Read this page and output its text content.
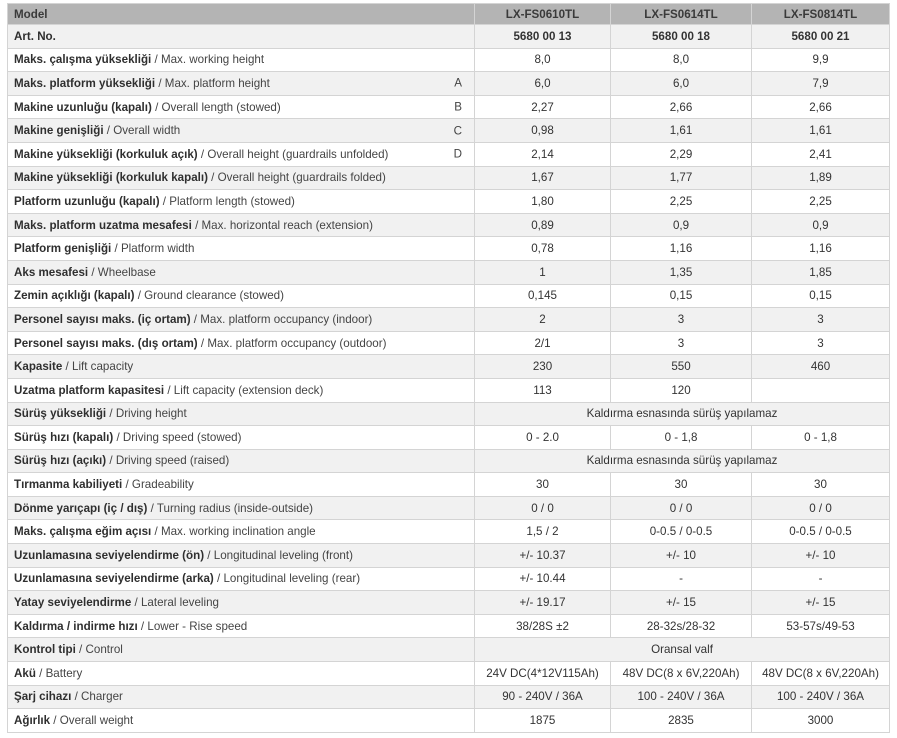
Model	LX-FS0610TL	LX-FS0614TL	LX-FS0814TL
Art. No.	5680 00 13	5680 00 18	5680 00 21
Maks. çalışma yüksekliği / Max. working height	8,0	8,0	9,9
Maks. platform yüksekliği / Max. platform height A	6,0	6,0	7,9
Makine uzunluğu (kapalı) / Overall length (stowed) B	2,27	2,66	2,66
Makine genişliği / Overall width C	0,98	1,61	1,61
Makine yüksekliği (korkuluk açık) / Overall height (guardrails unfolded) D	2,14	2,29	2,41
Makine yüksekliği (korkuluk kapalı) / Overall height (guardrails folded)	1,67	1,77	1,89
Platform uzunluğu (kapalı) / Platform length (stowed)	1,80	2,25	2,25
Maks. platform uzatma mesafesi / Max. horizontal reach (extension)	0,89	0,9	0,9
Platform genişliği / Platform width	0,78	1,16	1,16
Aks mesafesi / Wheelbase	1	1,35	1,85
Zemin açıklığı (kapalı) / Ground clearance (stowed)	0,145	0,15	0,15
Personel sayısı maks. (iç ortam) / Max. platform occupancy (indoor)	2	3	3
Personel sayısı maks. (dış ortam) / Max. platform occupancy (outdoor)	2/1	3	3
Kapasite / Lift capacity	230	550	460
Uzatma platform kapasitesi / Lift capacity (extension deck)	113	120	
Sürüş yüksekliği / Driving height	Kaldırma esnasında sürüş yapılamaz		
Sürüş hızı (kapalı) / Driving speed (stowed)	0 - 2.0	0 - 1,8	0 - 1,8
Sürüş hızı (açıkı) / Driving speed (raised)	Kaldırma esnasında sürüş yapılamaz		
Tırmanma kabiliyeti / Gradeability	30	30	30
Dönme yarıçapı (iç / dış) / Turning radius (inside-outside)	0 / 0	0 / 0	0 / 0
Maks. çalışma eğim açısı / Max. working inclination angle	1,5 / 2	0-0.5 / 0-0.5	0-0.5 / 0-0.5
Uzunlamasına seviyelendirme (ön) / Longitudinal leveling (front)	+/- 10.37	+/- 10	+/- 10
Uzunlamasına seviyelendirme (arka) / Longitudinal leveling (rear)	+/- 10.44	-	-
Yatay seviyelendirme / Lateral leveling	+/- 19.17	+/- 15	+/- 15
Kaldırma / indirme hızı / Lower - Rise speed	38/28S ±2	28-32s/28-32	53-57s/49-53
Kontrol tipi / Control	Oransal valf		
Akü / Battery	24V DC(4*12V115Ah)	48V DC(8 x 6V,220Ah)	48V DC(8 x 6V,220Ah)
Şarj cihazı / Charger	90 - 240V / 36A	100 - 240V / 36A	100 - 240V / 36A
Ağırlık / Overall weight	1875	2835	3000
